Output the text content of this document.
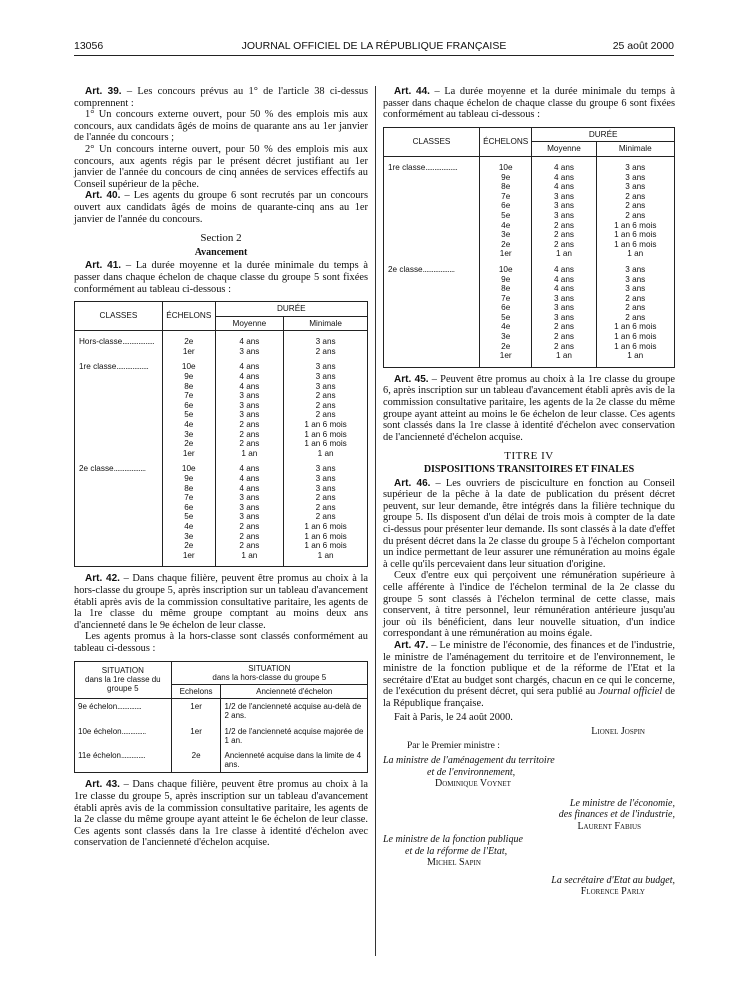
13056	JOURNAL OFFICIEL DE LA RÉPUBLIQUE FRANÇAISE	25 août 2000

Art. 39. – Les concours prévus au 1° de l'article 38 ci-dessus comprennent :

1° Un concours externe ouvert, pour 50 % des emplois mis aux concours, aux candidats âgés de moins de quarante ans au 1er janvier de l'année du concours ;

2° Un concours interne ouvert, pour 50 % des emplois mis aux concours, aux agents régis par le présent décret justifiant au 1er janvier de l'année du concours de cinq années de services effectifs au Conseil supérieur de la pêche.

Art. 40. – Les agents du groupe 6 sont recrutés par un concours ouvert aux candidats âgés de moins de quarante-cinq ans au 1er janvier de l'année du concours.

Section 2
Avancement

Art. 41. – La durée moyenne et la durée minimale du temps à passer dans chaque échelon de chaque classe du groupe 5 sont fixées conformément au tableau ci-dessous :

CLASSES	ÉCHELONS	DURÉE	
		Moyenne	Minimale

Hors-classe..................	2e	4 ans	3 ans
	1er	3 ans	2 ans

1re classe..................	10e	4 ans	3 ans
	9e	4 ans	3 ans
	8e	4 ans	3 ans
	7e	3 ans	2 ans
	6e	3 ans	2 ans
	5e	3 ans	2 ans
	4e	2 ans	1 an 6 mois
	3e	2 ans	1 an 6 mois
	2e	2 ans	1 an 6 mois
	1er	1 an	1 an

2e classe..................	10e	4 ans	3 ans
	9e	4 ans	3 ans
	8e	4 ans	3 ans
	7e	3 ans	2 ans
	6e	3 ans	2 ans
	5e	3 ans	2 ans
	4e	2 ans	1 an 6 mois
	3e	2 ans	1 an 6 mois
	2e	2 ans	1 an 6 mois
	1er	1 an	1 an

Art. 42. – Dans chaque filière, peuvent être promus au choix à la hors-classe du groupe 5, après inscription sur un tableau d'avancement établi après avis de la commission consultative paritaire, les agents de la 1re classe du même groupe comptant au moins deux ans d'ancienneté dans le 9e échelon de leur classe.

Les agents promus à la hors-classe sont classés conformément au tableau ci-dessous :

SITUATION
dans la 1re classe du groupe 5	SITUATION
dans la hors-classe du groupe 5	
	Echelons	Ancienneté d'échelon
9e échelon..............	1er	1/2 de l'ancienneté acquise au-delà de 2 ans.
10e échelon..............	1er	1/2 de l'ancienneté acquise majorée de 1 an.
11e échelon..............	2e	Ancienneté acquise dans la limite de 4 ans.

Art. 43. – Dans chaque filière, peuvent être promus au choix à la 1re classe du groupe 5, après inscription sur un tableau d'avancement établi après avis de la commission consultative paritaire, les agents de la 2e classe du même groupe ayant atteint le 6e échelon de leur classe. Ces agents sont classés dans la 1re classe à identité d'échelon avec conservation de l'ancienneté d'échelon acquise.

Art. 44. – La durée moyenne et la durée minimale du temps à passer dans chaque échelon de chaque classe du groupe 6 sont fixées conformément au tableau ci-dessous :

CLASSES	ÉCHELONS	DURÉE	
		Moyenne	Minimale

1re classe..................	10e	4 ans	3 ans
	9e	4 ans	3 ans
	8e	4 ans	3 ans
	7e	3 ans	2 ans
	6e	3 ans	2 ans
	5e	3 ans	2 ans
	4e	2 ans	1 an 6 mois
	3e	2 ans	1 an 6 mois
	2e	2 ans	1 an 6 mois
	1er	1 an	1 an

2e classe..................	10e	4 ans	3 ans
	9e	4 ans	3 ans
	8e	4 ans	3 ans
	7e	3 ans	2 ans
	6e	3 ans	2 ans
	5e	3 ans	2 ans
	4e	2 ans	1 an 6 mois
	3e	2 ans	1 an 6 mois
	2e	2 ans	1 an 6 mois
	1er	1 an	1 an

Art. 45. – Peuvent être promus au choix à la 1re classe du groupe 6, après inscription sur un tableau d'avancement établi après avis de la commission consultative paritaire, les agents de la 2e classe du même groupe ayant atteint au moins le 6e échelon de leur classe. Ces agents sont classés dans la 1re classe à identité d'échelon avec conservation de l'ancienneté d'échelon acquise.

TITRE IV
DISPOSITIONS TRANSITOIRES ET FINALES

Art. 46. – Les ouvriers de pisciculture en fonction au Conseil supérieur de la pêche à la date de publication du présent décret peuvent, sur leur demande, être intégrés dans la filière technique du groupe 5. Ils disposent d'un délai de trois mois à compter de la date ci-dessus pour présenter leur demande. Ils sont classés à la date d'effet du présent décret dans la 2e classe du groupe 5 à l'échelon comportant un indice permettant de leur assurer une rémunération au moins égale à celle qu'ils percevaient dans leur situation d'origine.

Ceux d'entre eux qui perçoivent une rémunération supérieure à celle afférente à l'indice de l'échelon terminal de la 2e classe du groupe 5 sont classés à l'échelon terminal de cette classe, mais conservent, à titre personnel, leur rémunération antérieure jusqu'au jour où ils bénéficient, dans leur nouvelle situation, d'un indice correspondant à une rémunération au moins égale.

Art. 47. – Le ministre de l'économie, des finances et de l'industrie, le ministre de l'aménagement du territoire et de l'environnement, le ministre de la fonction publique et de la réforme de l'Etat et la secrétaire d'Etat au budget sont chargés, chacun en ce qui le concerne, de l'exécution du présent décret, qui sera publié au Journal officiel de la République française.

Fait à Paris, le 24 août 2000.

Lionel Jospin
Par le Premier ministre :
La ministre de l'aménagement du territoire
et de l'environnement,
Dominique Voynet
Le ministre de l'économie,
des finances et de l'industrie,
Laurent Fabius
Le ministre de la fonction publique
et de la réforme de l'Etat,
Michel Sapin
La secrétaire d'Etat au budget,
Florence Parly
